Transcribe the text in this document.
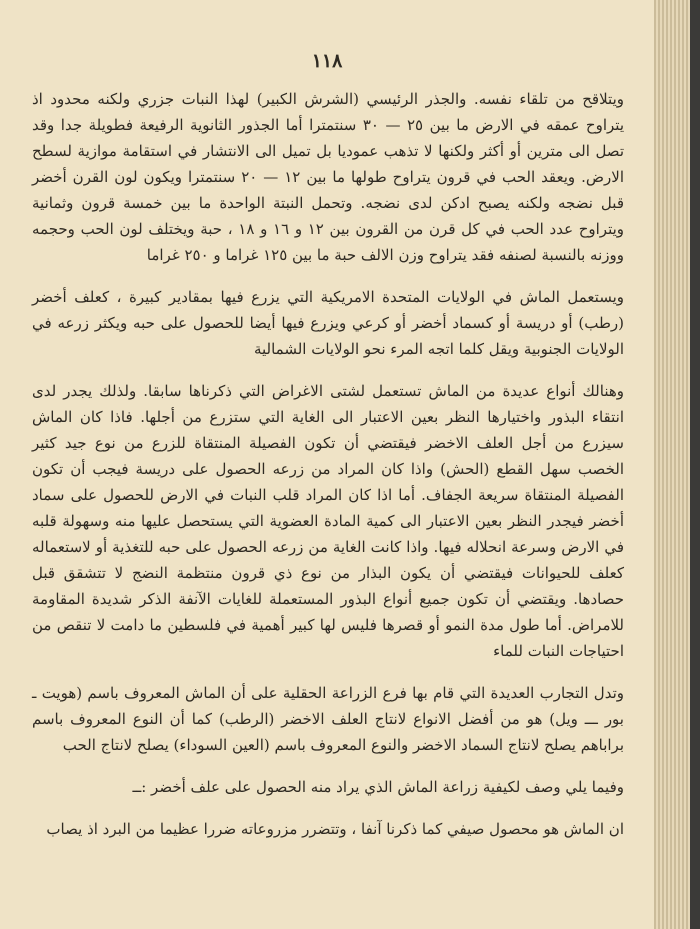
١١٨

ويتلاقح من تلقاء نفسه. والجذر الرئيسي (الشرش الكبير) لهذا النبات جزري ولكنه محدود اذ يتراوح عمقه في الارض ما بين ٢٥ — ٣٠ سنتمترا أما الجذور الثانوية الرفيعة فطويلة جدا وقد تصل الى مترين أو أكثر ولكنها لا تذهب عموديا بل تميل الى الانتشار في استقامة موازية لسطح الارض. ويعقد الحب في قرون يتراوح طولها ما بين ١٢ — ٢٠ سنتمترا ويكون لون القرن أخضر قبل نضجه ولكنه يصبح ادكن لدى نضجه. وتحمل النبتة الواحدة ما بين خمسة قرون وثمانية ويتراوح عدد الحب في كل قرن من القرون بين ١٢ و ١٦ و ١٨ ، حبة ويختلف لون الحب وحجمه ووزنه بالنسبة لصنفه فقد يتراوح وزن الالف حبة ما بين ١٢٥ غراما و ٢٥٠ غراما

ويستعمل الماش في الولايات المتحدة الامريكية التي يزرع فيها بمقادير كبيرة ، كعلف أخضر (رطب) أو دريسة أو كسماد أخضر أو كرعي ويزرع فيها أيضا للحصول على حبه ويكثر زرعه في الولايات الجنوبية ويقل كلما اتجه المرء نحو الولايات الشمالية

وهنالك أنواع عديدة من الماش تستعمل لشتى الاغراض التي ذكرناها سابقا. ولذلك يجدر لدى انتقاء البذور واختيارها النظر بعين الاعتبار الى الغاية التي ستزرع من أجلها. فاذا كان الماش سيزرع من أجل العلف الاخضر فيقتضي أن تكون الفصيلة المنتقاة للزرع من نوع جيد كثير الخصب سهل القطع (الحش) واذا كان المراد من زرعه الحصول على دريسة فيجب أن تكون الفصيلة المنتقاة سريعة الجفاف. أما اذا كان المراد قلب النبات في الارض للحصول على سماد أخضر فيجدر النظر بعين الاعتبار الى كمية المادة العضوية التي يستحصل عليها منه وسهولة قلبه في الارض وسرعة انحلاله فيها. واذا كانت الغاية من زرعه الحصول على حبه للتغذية أو لاستعماله كعلف للحيوانات فيقتضي أن يكون البذار من نوع ذي قرون منتظمة النضج لا تتشقق قبل حصادها. ويقتضي أن تكون جميع أنواع البذور المستعملة للغايات الآنفة الذكر شديدة المقاومة للامراض. أما طول مدة النمو أو قصرها فليس لها كبير أهمية في فلسطين ما دامت لا تنقص من احتياجات النبات للماء

وتدل التجارب العديدة التي قام بها فرع الزراعة الحقلية على أن الماش المعروف باسم (هويت ـ بور ـــ ويل) هو من أفضل الانواع لانتاج العلف الاخضر (الرطب) كما أن النوع المعروف باسم براباهم يصلح لانتاج السماد الاخضر والنوع المعروف باسم (العين السوداء) يصلح لانتاج الحب

وفيما يلي وصف لكيفية زراعة الماش الذي يراد منه الحصول على علف أخضر :ــ

ان الماش هو محصول صيفي كما ذكرنا آنفا ، وتتضرر مزروعاته ضررا عظيما من البرد اذ يصاب
